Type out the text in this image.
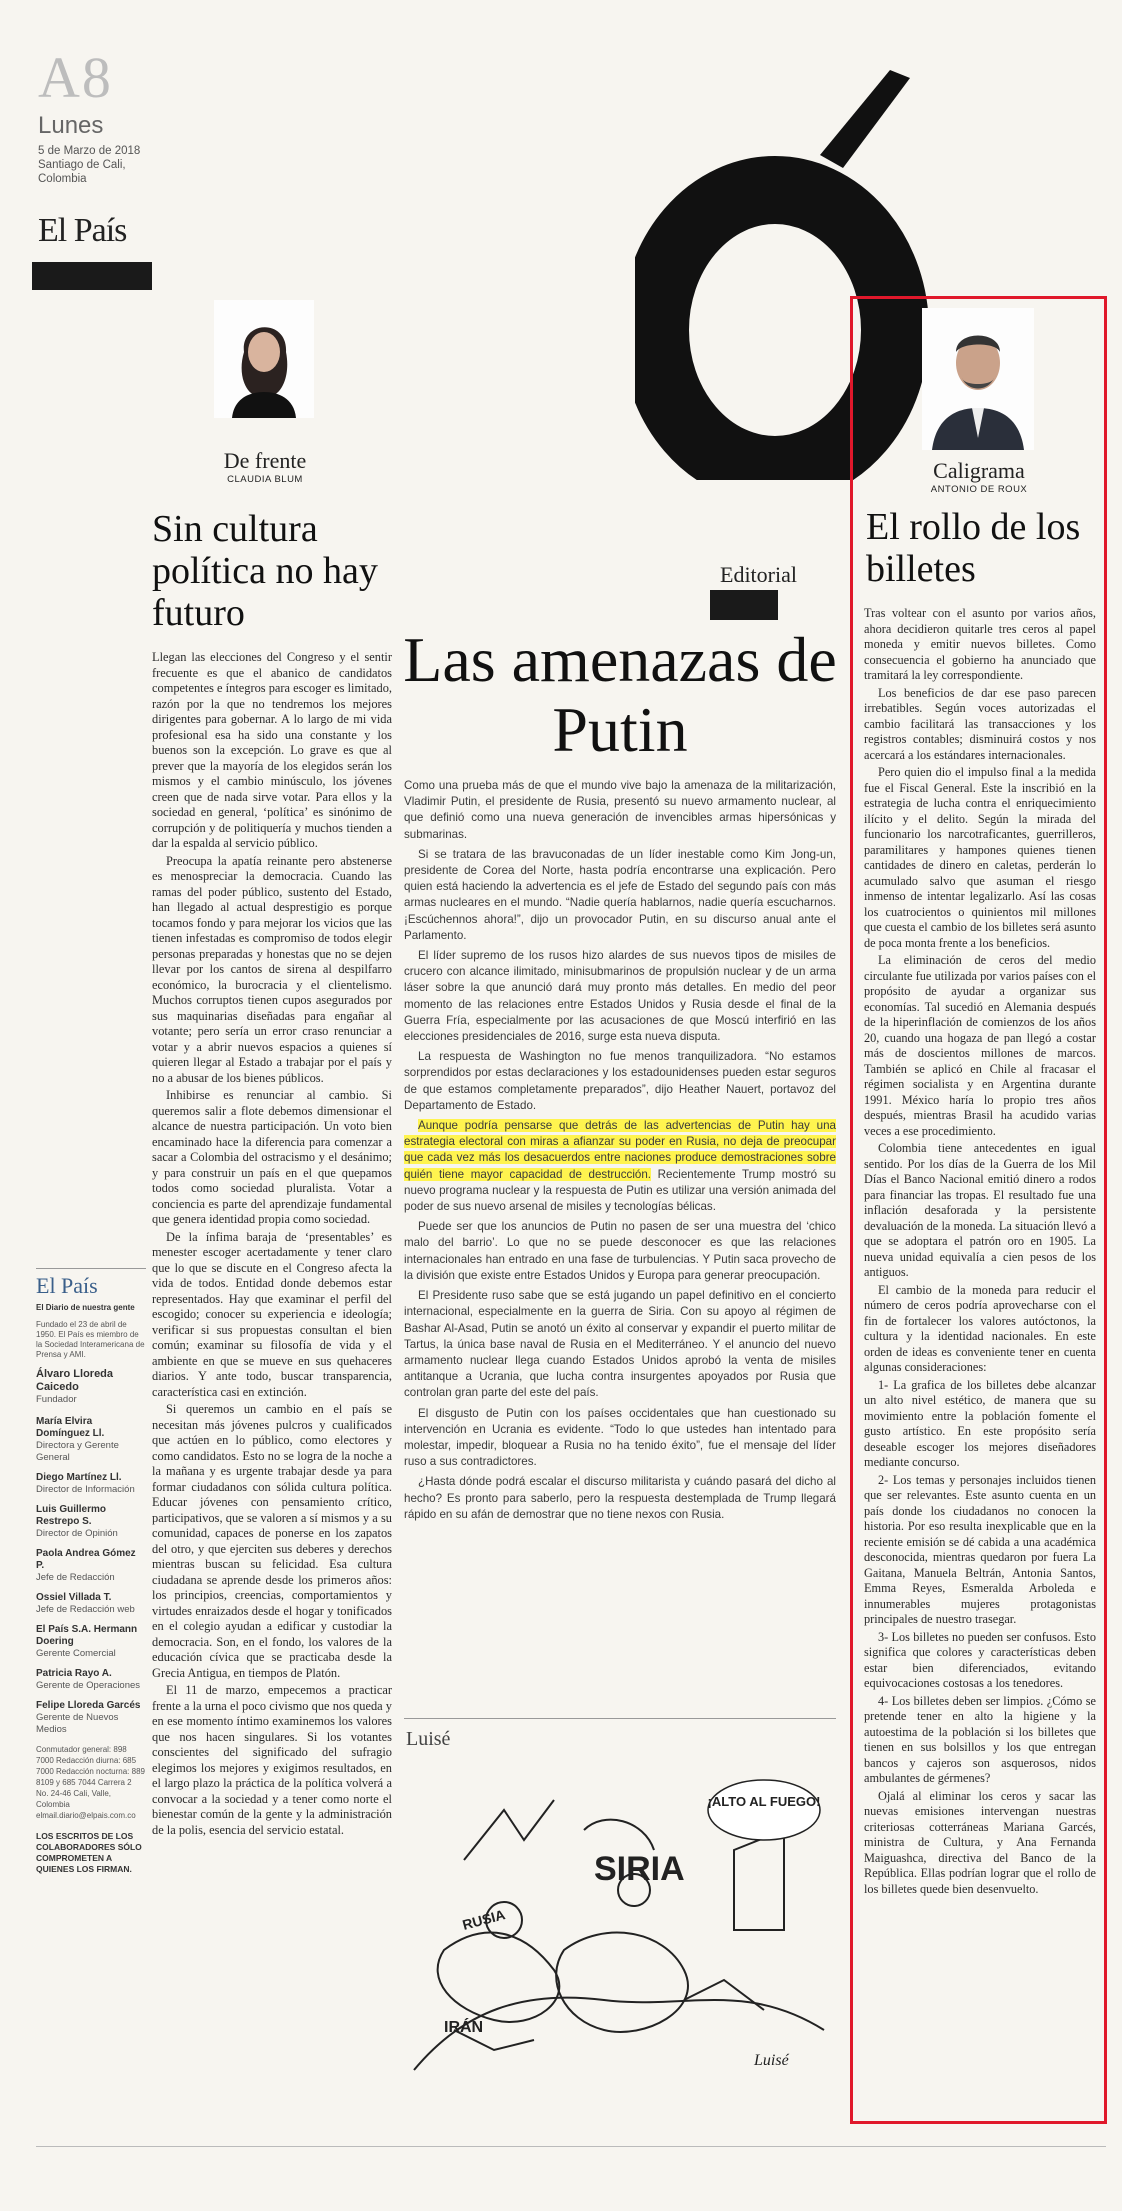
A8
Lunes
5 de Marzo de 2018 Santiago de Cali, Colombia
El País
De frente
CLAUDIA BLUM
Sin cultura política no hay futuro

Llegan las elecciones del Congreso y el sentir frecuente es que el abanico de candidatos competentes e íntegros para escoger es limitado, razón por la que no tendremos los mejores dirigentes para gobernar. A lo largo de mi vida profesional esa ha sido una constante y los buenos son la excepción. Lo grave es que al prever que la mayoría de los elegidos serán los mismos y el cambio minúsculo, los jóvenes creen que de nada sirve votar. Para ellos y la sociedad en general, ‘política’ es sinónimo de corrupción y de politiquería y muchos tienden a dar la espalda al servicio público.

Preocupa la apatía reinante pero abstenerse es menospreciar la democracia. Cuando las ramas del poder público, sustento del Estado, han llegado al actual desprestigio es porque tocamos fondo y para mejorar los vicios que las tienen infestadas es compromiso de todos elegir personas preparadas y honestas que no se dejen llevar por los cantos de sirena al despilfarro económico, la burocracia y el clientelismo. Muchos corruptos tienen cupos asegurados por sus maquinarias diseñadas para engañar al votante; pero sería un error craso renunciar a votar y a abrir nuevos espacios a quienes sí quieren llegar al Estado a trabajar por el país y no a abusar de los bienes públicos.

Inhibirse es renunciar al cambio. Si queremos salir a flote debemos dimensionar el alcance de nuestra participación. Un voto bien encaminado hace la diferencia para comenzar a sacar a Colombia del ostracismo y el desánimo; y para construir un país en el que quepamos todos como sociedad pluralista. Votar a conciencia es parte del aprendizaje fundamental que genera identidad propia como sociedad.

De la ínfima baraja de ‘presentables’ es menester escoger acertadamente y tener claro que lo que se discute en el Congreso afecta la vida de todos. Entidad donde debemos estar representados. Hay que examinar el perfil del escogido; conocer su experiencia e ideología; verificar si sus propuestas consultan el bien común; examinar su filosofía de vida y el ambiente en que se mueve en sus quehaceres diarios. Y ante todo, buscar transparencia, característica casi en extinción.

Si queremos un cambio en el país se necesitan más jóvenes pulcros y cualificados que actúen en lo público, como electores y como candidatos. Esto no se logra de la noche a la mañana y es urgente trabajar desde ya para formar ciudadanos con sólida cultura política. Educar jóvenes con pensamiento crítico, participativos, que se valoren a sí mismos y a su comunidad, capaces de ponerse en los zapatos del otro, y que ejerciten sus deberes y derechos mientras buscan su felicidad. Esa cultura ciudadana se aprende desde los primeros años: los principios, creencias, comportamientos y virtudes enraizados desde el hogar y tonificados en el colegio ayudan a edificar y custodiar la democracia. Son, en el fondo, los valores de la educación cívica que se practicaba desde la Grecia Antigua, en tiempos de Platón.

El 11 de marzo, empecemos a practicar frente a la urna el poco civismo que nos queda y en ese momento íntimo examinemos los valores que nos hacen singulares. Si los votantes conscientes del significado del sufragio elegimos los mejores y exigimos resultados, en el largo plazo la práctica de la política volverá a convocar a la sociedad y a tener como norte el bienestar común de la gente y la administración de la polis, esencia del servicio estatal.

El País
El Diario de nuestra gente
Fundado el 23 de abril de 1950. El País es miembro de la Sociedad Interamericana de Prensa y AMI.
Álvaro Lloreda Caicedo
Fundador
María Elvira Domínguez Ll.
Directora y Gerente General
Diego Martínez Ll.
Director de Información
Luis Guillermo Restrepo S.
Director de Opinión
Paola Andrea Gómez P.
Jefe de Redacción
Ossiel Villada T.
Jefe de Redacción web
El País S.A. Hermann Doering
Gerente Comercial
Patricia Rayo A.
Gerente de Operaciones
Felipe Lloreda Garcés
Gerente de Nuevos Medios
Conmutador general: 898 7000 Redacción diurna: 685 7000 Redacción nocturna: 889 8109 y 685 7044 Carrera 2 No. 24-46 Cali, Valle, Colombia elmail.diario@elpais.com.co
LOS ESCRITOS DE LOS COLABORADORES SÓLO COMPROMETEN A QUIENES LOS FIRMAN.
Editorial
Las amenazas de Putin

Como una prueba más de que el mundo vive bajo la amenaza de la militarización, Vladimir Putin, el presidente de Rusia, presentó su nuevo armamento nuclear, al que definió como una nueva generación de invencibles armas hipersónicas y submarinas.

Si se tratara de las bravuconadas de un líder inestable como Kim Jong-un, presidente de Corea del Norte, hasta podría encontrarse una explicación. Pero quien está haciendo la advertencia es el jefe de Estado del segundo país con más armas nucleares en el mundo. “Nadie quería hablarnos, nadie quería escucharnos. ¡Escúchennos ahora!”, dijo un provocador Putin, en su discurso anual ante el Parlamento.

El líder supremo de los rusos hizo alardes de sus nuevos tipos de misiles de crucero con alcance ilimitado, minisubmarinos de propulsión nuclear y de un arma láser sobre la que anunció dará muy pronto más detalles. En medio del peor momento de las relaciones entre Estados Unidos y Rusia desde el final de la Guerra Fría, especialmente por las acusaciones de que Moscú interfirió en las elecciones presidenciales de 2016, surge esta nueva disputa.

La respuesta de Washington no fue menos tranquilizadora. “No estamos sorprendidos por estas declaraciones y los estadounidenses pueden estar seguros de que estamos completamente preparados”, dijo Heather Nauert, portavoz del Departamento de Estado.

Aunque podría pensarse que detrás de las advertencias de Putin hay una estrategia electoral con miras a afianzar su poder en Rusia, no deja de preocupar que cada vez más los desacuerdos entre naciones produce demostraciones sobre quién tiene mayor capacidad de destrucción. Recientemente Trump mostró su nuevo programa nuclear y la respuesta de Putin es utilizar una versión animada del poder de sus nuevo arsenal de misiles y tecnologías bélicas.

Puede ser que los anuncios de Putin no pasen de ser una muestra del ‘chico malo del barrio’. Lo que no se puede desconocer es que las relaciones internacionales han entrado en una fase de turbulencias. Y Putin saca provecho de la división que existe entre Estados Unidos y Europa para generar preocupación.

El Presidente ruso sabe que se está jugando un papel definitivo en el concierto internacional, especialmente en la guerra de Siria. Con su apoyo al régimen de Bashar Al-Asad, Putin se anotó un éxito al conservar y expandir el puerto militar de Tartus, la única base naval de Rusia en el Mediterráneo. Y el anuncio del nuevo armamento nuclear llega cuando Estados Unidos aprobó la venta de misiles antitanque a Ucrania, que lucha contra insurgentes apoyados por Rusia que controlan gran parte del este del país.

El disgusto de Putin con los países occidentales que han cuestionado su intervención en Ucrania es evidente. “Todo lo que ustedes han intentado para molestar, impedir, bloquear a Rusia no ha tenido éxito”, fue el mensaje del líder ruso a sus contradictores.

¿Hasta dónde podrá escalar el discurso militarista y cuándo pasará del dicho al hecho? Es pronto para saberlo, pero la respuesta destemplada de Trump llegará rápido en su afán de demostrar que no tiene nexos con Rusia.

Luisé
¡ALTO AL FUEGO!
SIRIA
RUSIA
IRÁN
Luisé
Caligrama
ANTONIO DE ROUX
El rollo de los billetes

Tras voltear con el asunto por varios años, ahora decidieron quitarle tres ceros al papel moneda y emitir nuevos billetes. Como consecuencia el gobierno ha anunciado que tramitará la ley correspondiente.

Los beneficios de dar ese paso parecen irrebatibles. Según voces autorizadas el cambio facilitará las transacciones y los registros contables; disminuirá costos y nos acercará a los estándares internacionales.

Pero quien dio el impulso final a la medida fue el Fiscal General. Este la inscribió en la estrategia de lucha contra el enriquecimiento ilícito y el delito. Según la mirada del funcionario los narcotraficantes, guerrilleros, paramilitares y hampones quienes tienen cantidades de dinero en caletas, perderán lo acumulado salvo que asuman el riesgo inmenso de intentar legalizarlo. Así las cosas los cuatrocientos o quinientos mil millones que cuesta el cambio de los billetes será asunto de poca monta frente a los beneficios.

La eliminación de ceros del medio circulante fue utilizada por varios países con el propósito de ayudar a organizar sus economías. Tal sucedió en Alemania después de la hiperinflación de comienzos de los años 20, cuando una hogaza de pan llegó a costar más de doscientos millones de marcos. También se aplicó en Chile al fracasar el régimen socialista y en Argentina durante 1991. México haría lo propio tres años después, mientras Brasil ha acudido varias veces a ese procedimiento.

Colombia tiene antecedentes en igual sentido. Por los días de la Guerra de los Mil Días el Banco Nacional emitió dinero a rodos para financiar las tropas. El resultado fue una inflación desaforada y la persistente devaluación de la moneda. La situación llevó a que se adoptara el patrón oro en 1905. La nueva unidad equivalía a cien pesos de los antiguos.

El cambio de la moneda para reducir el número de ceros podría aprovecharse con el fin de fortalecer los valores autóctonos, la cultura y la identidad nacionales. En este orden de ideas es conveniente tener en cuenta algunas consideraciones:

1- La grafica de los billetes debe alcanzar un alto nivel estético, de manera que su movimiento entre la población fomente el gusto artístico. En este propósito sería deseable escoger los mejores diseñadores mediante concurso.

2- Los temas y personajes incluidos tienen que ser relevantes. Este asunto cuenta en un país donde los ciudadanos no conocen la historia. Por eso resulta inexplicable que en la reciente emisión se dé cabida a una académica desconocida, mientras quedaron por fuera La Gaitana, Manuela Beltrán, Antonia Santos, Emma Reyes, Esmeralda Arboleda e innumerables mujeres protagonistas principales de nuestro trasegar.

3- Los billetes no pueden ser confusos. Esto significa que colores y características deben estar bien diferenciados, evitando equivocaciones costosas a los tenedores.

4- Los billetes deben ser limpios. ¿Cómo se pretende tener en alto la higiene y la autoestima de la población si los billetes que tienen en sus bolsillos y los que entregan bancos y cajeros son asquerosos, nidos ambulantes de gérmenes?

Ojalá al eliminar los ceros y sacar las nuevas emisiones intervengan nuestras criteriosas cotterráneas Mariana Garcés, ministra de Cultura, y Ana Fernanda Maiguashca, directiva del Banco de la República. Ellas podrían lograr que el rollo de los billetes quede bien desenvuelto.
